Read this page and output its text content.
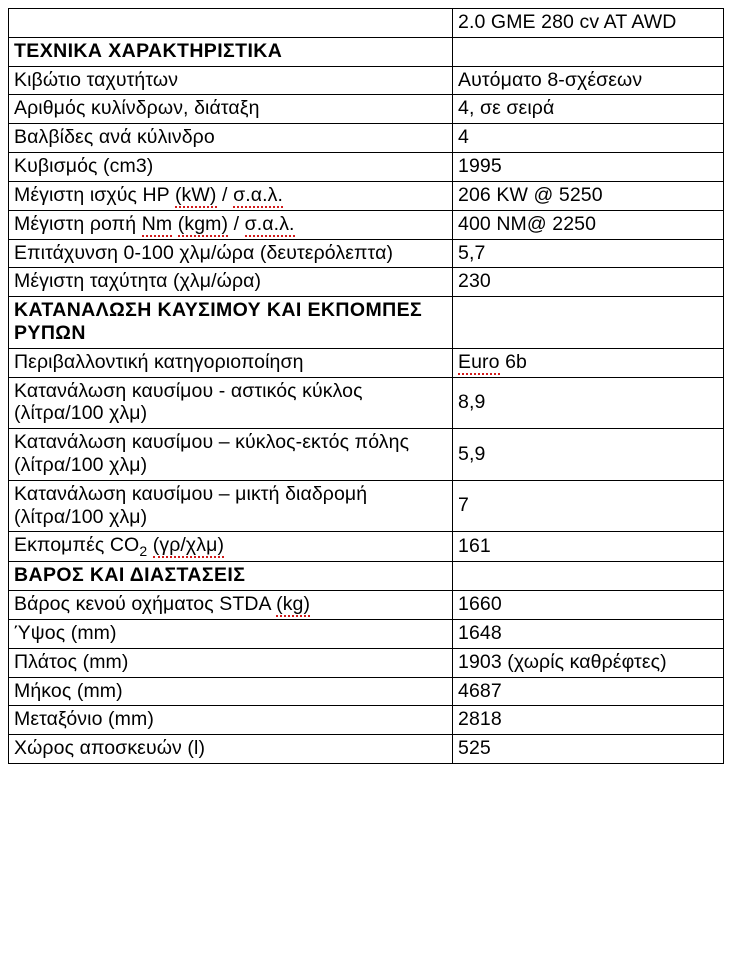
	2.0 GME 280 cv AT AWD
ΤΕΧΝΙΚΑ ΧΑΡΑΚΤΗΡΙΣΤΙΚΑ	
Κιβώτιο ταχυτήτων	Αυτόματο 8-σχέσεων
Αριθμός κυλίνδρων, διάταξη	4, σε σειρά
Βαλβίδες ανά κύλινδρο	4
Κυβισμός (cm3)	1995
Μέγιστη ισχύς HP (kW) / σ.α.λ.	206 KW @ 5250
Μέγιστη ροπή Nm (kgm) / σ.α.λ.	400 NM@ 2250
Επιτάχυνση 0-100 χλμ/ώρα (δευτερόλεπτα)	5,7
Μέγιστη ταχύτητα (χλμ/ώρα)	230
ΚΑΤΑΝΑΛΩΣΗ ΚΑΥΣΙΜΟΥ ΚΑΙ ΕΚΠΟΜΠΕΣ ΡΥΠΩΝ	
Περιβαλλοντική κατηγοριοποίηση	Euro 6b
Κατανάλωση καυσίμου - αστικός κύκλος (λίτρα/100 χλμ)	8,9
Κατανάλωση καυσίμου – κύκλος-εκτός πόλης (λίτρα/100 χλμ)	5,9
Κατανάλωση καυσίμου – μικτή διαδρομή (λίτρα/100 χλμ)	7
Εκπομπές $CO_2$ (γρ/χλμ)	161
ΒΑΡΟΣ ΚΑΙ ΔΙΑΣΤΑΣΕΙΣ	
Βάρος κενού οχήματος STDA (kg)	1660
Ύψος (mm)	1648
Πλάτος (mm)	1903 (χωρίς καθρέφτες)
Μήκος (mm)	4687
Μεταξόνιο (mm)	2818
Χώρος αποσκευών (l)	525
